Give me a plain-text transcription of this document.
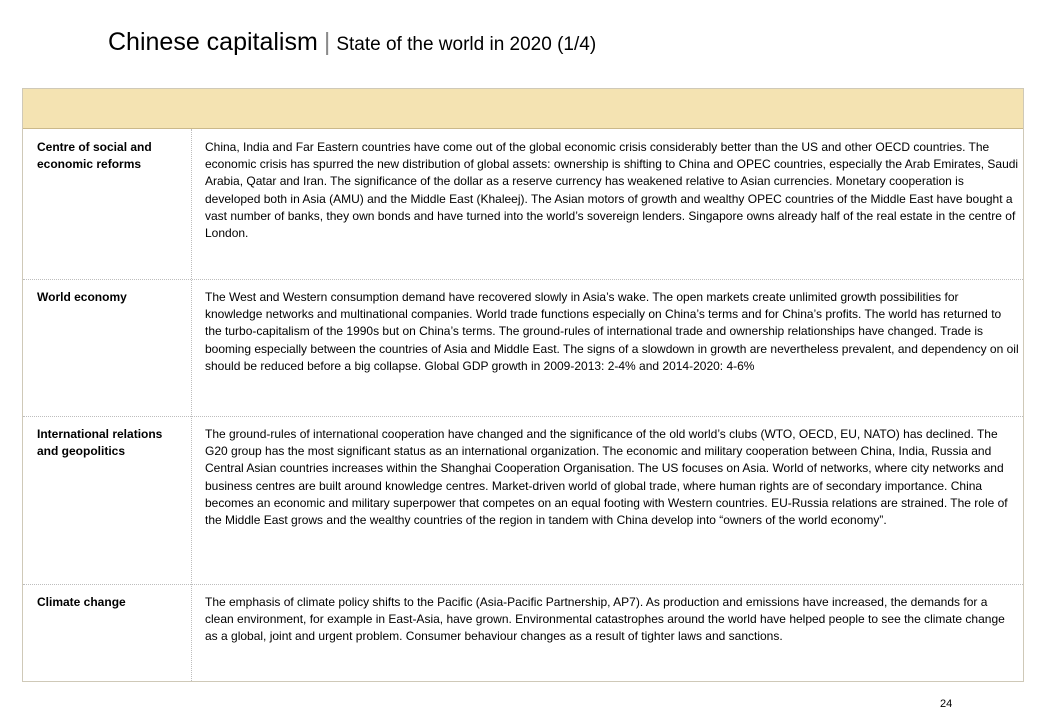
Chinese capitalism | State of the world in 2020 (1/4)
Centre of social and economic reforms
China, India and Far Eastern countries have come out of the global economic crisis considerably better than the US and other OECD countries. The economic crisis has spurred the new distribution of global assets: ownership is shifting to China and OPEC countries, especially the Arab Emirates, Saudi Arabia, Qatar and Iran. The significance of the dollar as a reserve currency has weakened relative to Asian currencies. Monetary cooperation is developed both in Asia (AMU) and the Middle East (Khaleej). The Asian motors of growth and wealthy OPEC countries of the Middle East have bought a vast number of banks, they own bonds and have turned into the world’s sovereign lenders. Singapore owns already half of the real estate in the centre of London.
World economy	The West and Western consumption demand have recovered slowly in Asia’s wake. The open markets create unlimited growth possibilities for knowledge networks and multinational companies. World trade functions especially on China’s terms and for China’s profits. The world has returned to the turbo-capitalism of the 1990s but on China’s terms. The ground-rules of international trade and ownership relationships have changed. Trade is booming especially between the countries of Asia and Middle East. The signs of a slowdown in growth are nevertheless prevalent, and dependency on oil should be reduced before a big collapse. Global GDP growth in 2009-2013: 2-4% and 2014-2020: 4-6%
International relations and geopolitics
The ground-rules of international cooperation have changed and the significance of the old world’s clubs (WTO, OECD, EU, NATO) has declined. The G20 group has the most significant status as an international organization. The economic and military cooperation between China, India, Russia and Central Asian countries increases within the Shanghai Cooperation Organisation. The US focuses on Asia. World of networks, where city networks and business centres are built around knowledge centres. Market-driven world of global trade, where human rights are of secondary importance. China becomes an economic and military superpower that competes on an equal footing with Western countries. EU-Russia relations are strained. The role of the Middle East grows and the wealthy countries of the region in tandem with China develop into “owners of the world economy”.
Climate change	The emphasis of climate policy shifts to the Pacific (Asia-Pacific Partnership, AP7). As production and emissions have increased, the demands for a clean environment, for example in East-Asia, have grown. Environmental catastrophes around the world have helped people to see the climate change as a global, joint and urgent problem. Consumer behaviour changes as a result of tighter laws and sanctions.
24
